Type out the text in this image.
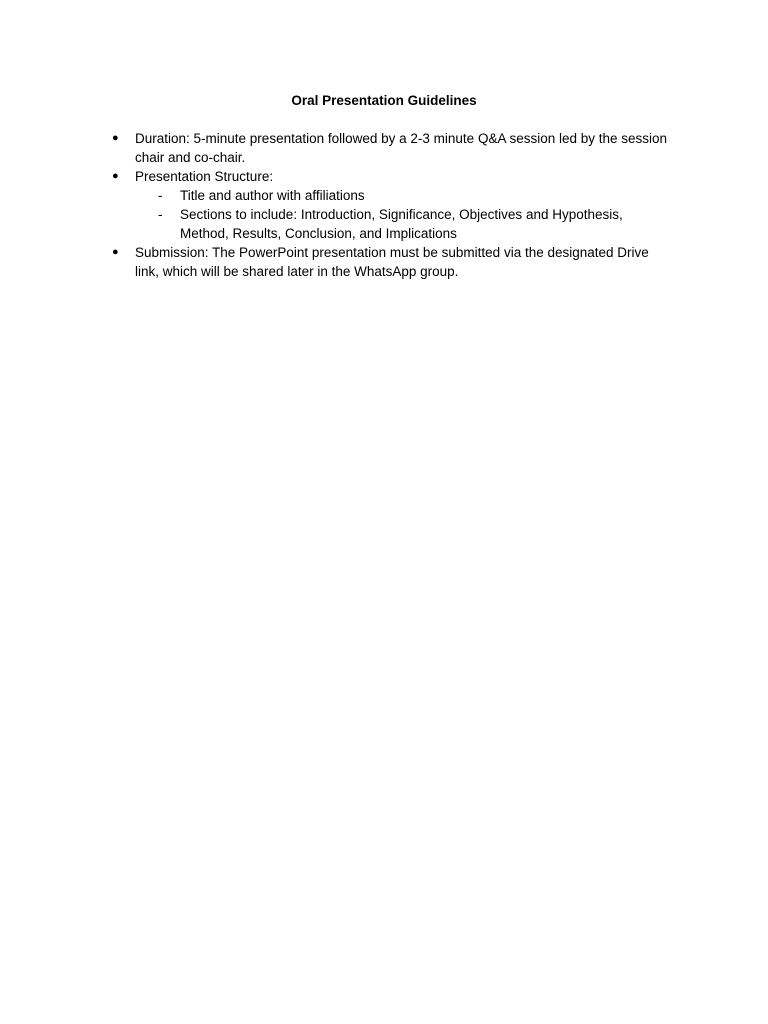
Oral Presentation Guidelines
● Duration: 5-minute presentation followed by a 2-3 minute Q&A session led by the session chair and co-chair.
● Presentation Structure:
- Title and author with affiliations
- Sections to include: Introduction, Significance, Objectives and Hypothesis, Method, Results, Conclusion, and Implications
● Submission: The PowerPoint presentation must be submitted via the designated Drive link, which will be shared later in the WhatsApp group.
